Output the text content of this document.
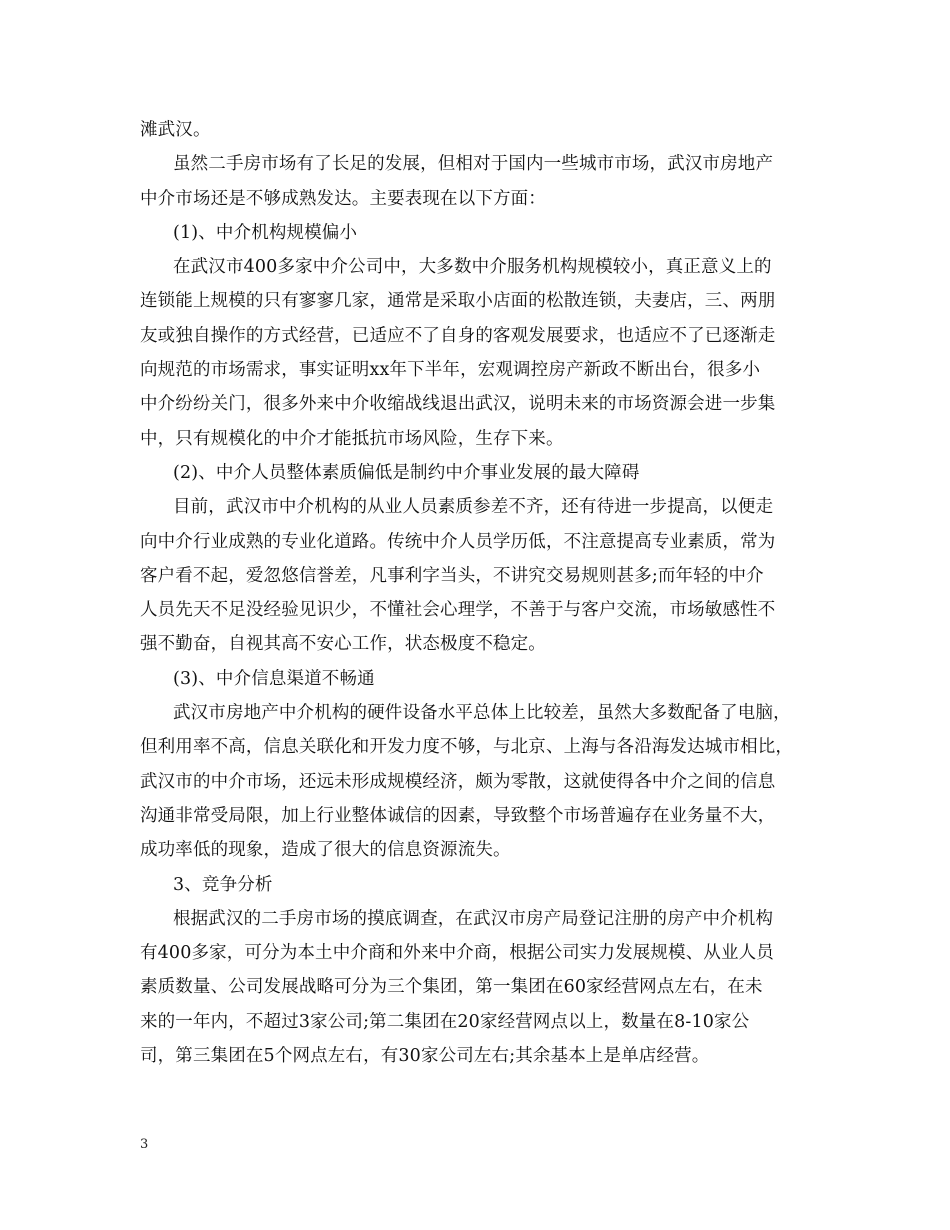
滩武汉。
虽然二手房市场有了长足的发展，但相对于国内一些城市市场，武汉市房地产
中介市场还是不够成熟发达。主要表现在以下方面：
(1)、中介机构规模偏小
在武汉市400多家中介公司中，大多数中介服务机构规模较小，真正意义上的
连锁能上规模的只有寥寥几家，通常是采取小店面的松散连锁，夫妻店，三、两朋
友或独自操作的方式经营，已适应不了自身的客观发展要求，也适应不了已逐渐走
向规范的市场需求，事实证明xx年下半年，宏观调控房产新政不断出台，很多小
中介纷纷关门，很多外来中介收缩战线退出武汉，说明未来的市场资源会进一步集
中，只有规模化的中介才能抵抗市场风险，生存下来。
(2)、中介人员整体素质偏低是制约中介事业发展的最大障碍
目前，武汉市中介机构的从业人员素质参差不齐，还有待进一步提高，以便走
向中介行业成熟的专业化道路。传统中介人员学历低，不注意提高专业素质，常为
客户看不起，爱忽悠信誉差，凡事利字当头，不讲究交易规则甚多;而年轻的中介
人员先天不足没经验见识少，不懂社会心理学，不善于与客户交流，市场敏感性不
强不勤奋，自视其高不安心工作，状态极度不稳定。
(3)、中介信息渠道不畅通
武汉市房地产中介机构的硬件设备水平总体上比较差，虽然大多数配备了电脑，
但利用率不高，信息关联化和开发力度不够，与北京、上海与各沿海发达城市相比，
武汉市的中介市场，还远未形成规模经济，颇为零散，这就使得各中介之间的信息
沟通非常受局限，加上行业整体诚信的因素，导致整个市场普遍存在业务量不大，
成功率低的现象，造成了很大的信息资源流失。
3、竞争分析
根据武汉的二手房市场的摸底调查，在武汉市房产局登记注册的房产中介机构
有400多家，可分为本土中介商和外来中介商，根据公司实力发展规模、从业人员
素质数量、公司发展战略可分为三个集团，第一集团在60家经营网点左右，在未
来的一年内，不超过3家公司;第二集团在20家经营网点以上，数量在8-10家公
司，第三集团在5个网点左右，有30家公司左右;其余基本上是单店经营。
3
